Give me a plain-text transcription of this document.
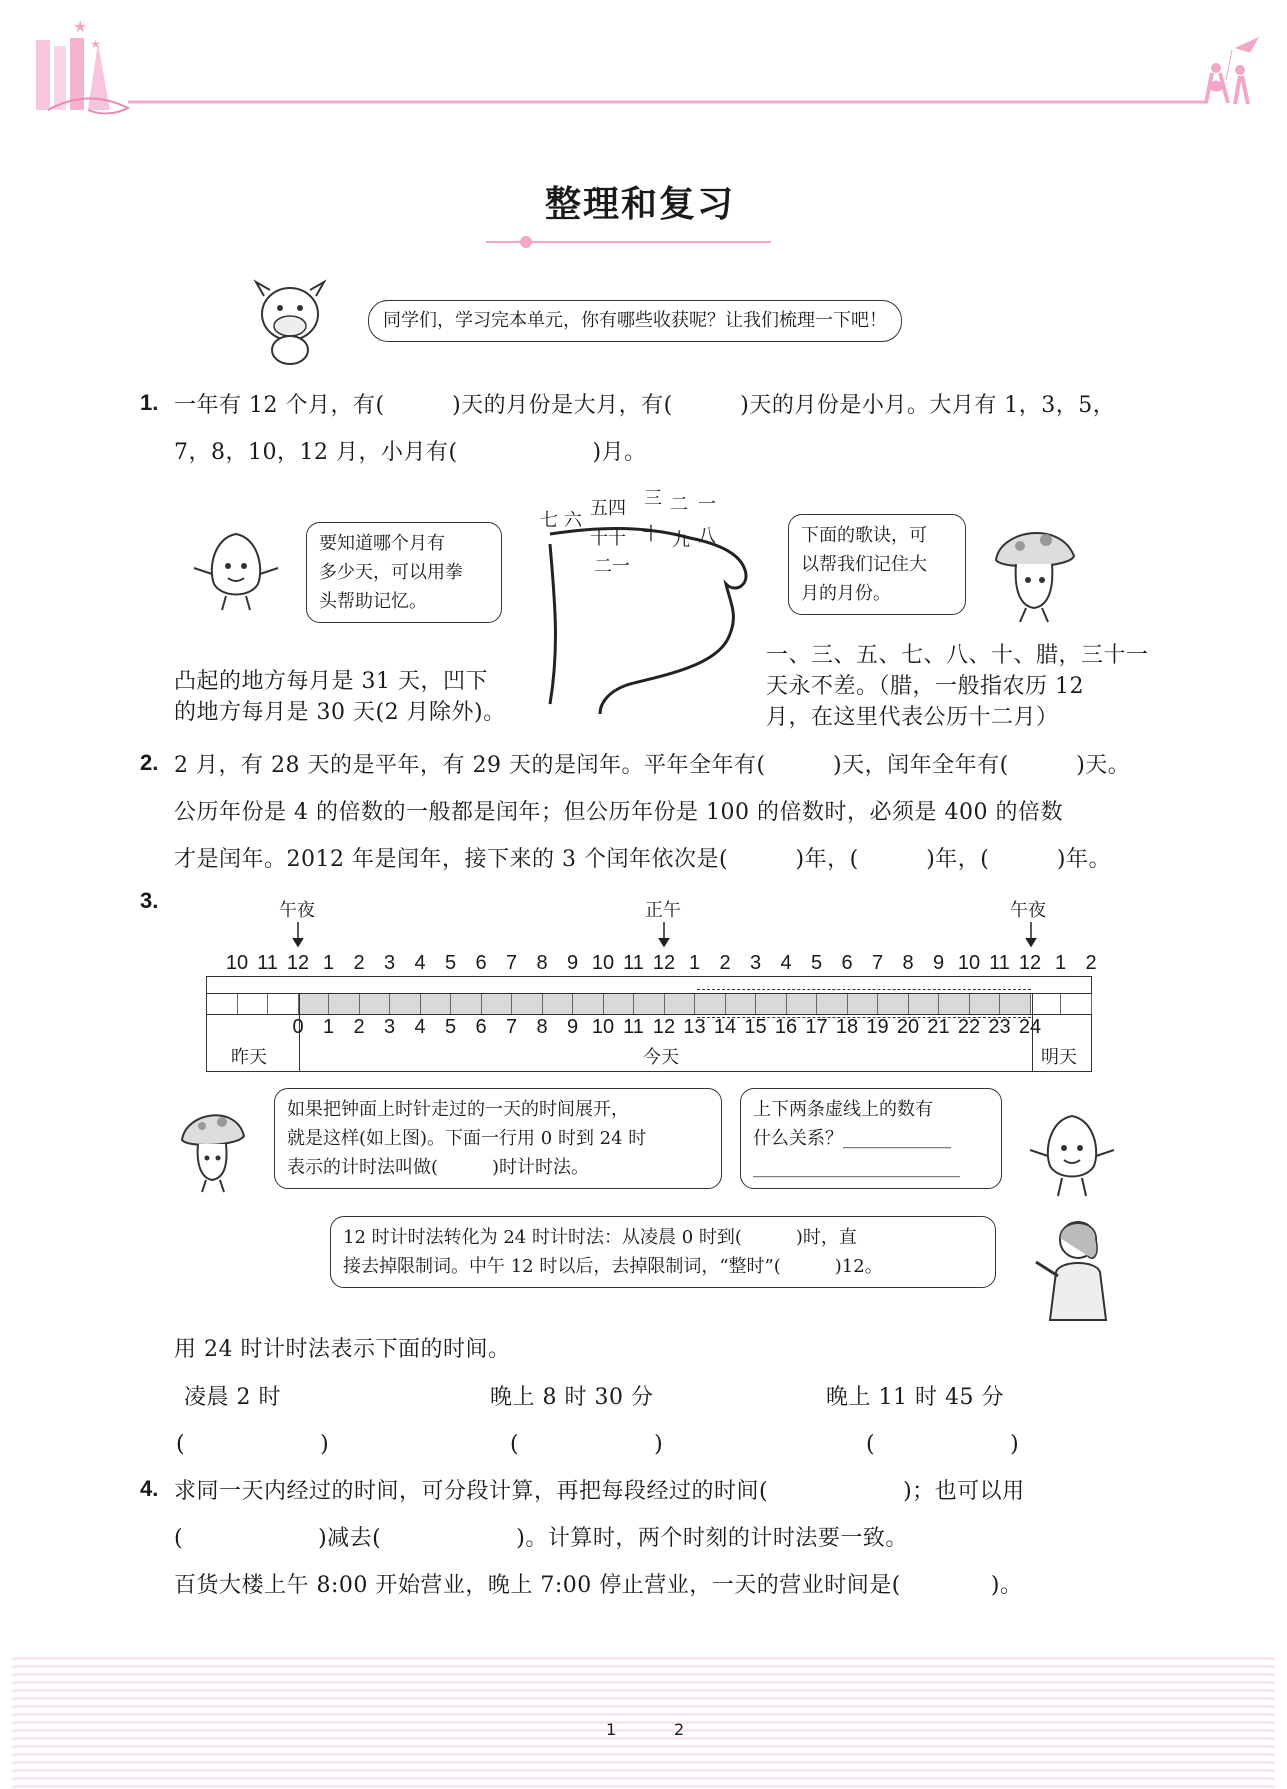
★
★
整理和复习
同学们，学习完本单元，你有哪些收获呢？让我们梳理一下吧！
1. 一年有 12 个月，有(　　　)天的月份是大月，有(　　　)天的月份是小月。大月有 1，3，5，
7，8，10，12 月，小月有(　　　　　　)月。
要知道哪个月有
多少天，可以用拳
头帮助记忆。
七 六
五四 三 二 一
十十 十 九 八
二一
下面的歌诀，可
以帮我们记住大
月的月份。
凸起的地方每月是 31 天，凹下
的地方每月是 30 天(2 月除外)。
一、三、五、七、八、十、腊，三十一
天永不差。（腊，一般指农历 12
月，在这里代表公历十二月）
2. 2 月，有 28 天的是平年，有 29 天的是闰年。平年全年有(　　　)天，闰年全年有(　　　)天。
公历年份是 4 的倍数的一般都是闰年；但公历年份是 100 的倍数时，必须是 400 的倍数
才是闰年。2012 年是闰年，接下来的 3 个闰年依次是(　　　)年，(　　　)年，(　　　)年。
3.	午夜	正午	午夜
10 11 12 1 2 3 4 5 6 7 8 9 10 11 12 1 2 3 4 5 6 7 8 9 10 11 12 1 2
昨天	今天	明天
0 1 2 3 4 5 6 7 8 9 10 11 12 13 14 15 16 17 18 19 20 21 22 23 24
如果把钟面上时针走过的一天的时间展开，
就是这样(如上图)。下面一行用 0 时到 24 时
表示的计时法叫做(　　　)时计时法。
上下两条虚线上的数有
什么关系？____________
_______________________
12 时计时法转化为 24 时计时法：从凌晨 0 时到(　　　)时，直
接去掉限制词。中午 12 时以后，去掉限制词，“整时”(　　　)12。
用 24 时计时法表示下面的时间。
凌晨 2 时	晚上 8 时 30 分	晚上 11 时 45 分
(　　　　　　)	(　　　　　　)	(　　　　　　)
4. 求同一天内经过的时间，可分段计算，再把每段经过的时间(　　　　　　)；也可以用
(　　　　　　)减去(　　　　　　)。计算时，两个时刻的计时法要一致。
百货大楼上午 8:00 开始营业，晚上 7:00 停止营业，一天的营业时间是(　　　　)。
1	2
